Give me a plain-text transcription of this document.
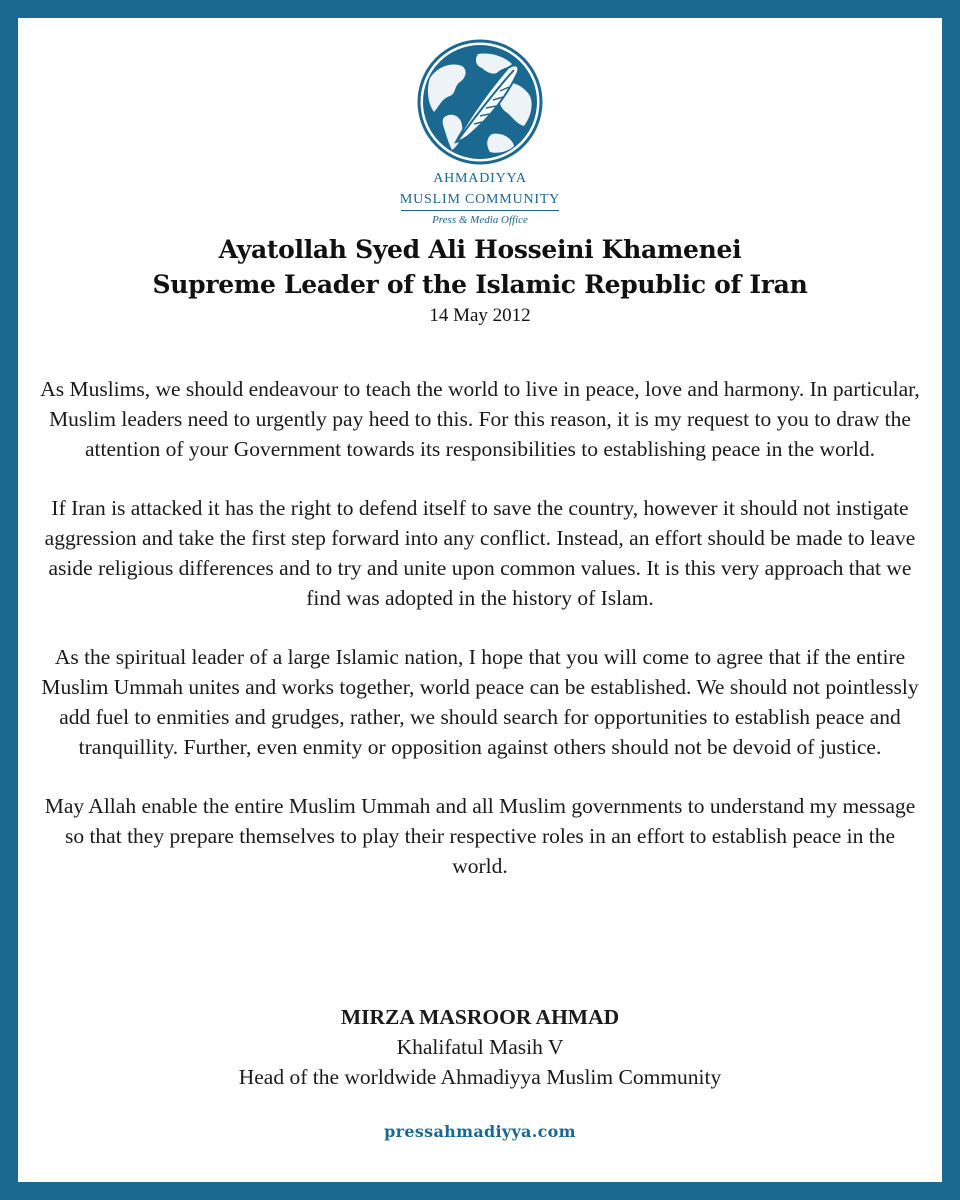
AHMADIYYA
MUSLIM COMMUNITY
Press & Media Office
Ayatollah Syed Ali Hosseini Khamenei
Supreme Leader of the Islamic Republic of Iran
14 May 2012

As Muslims, we should endeavour to teach the world to live in peace, love and harmony. In particular, Muslim leaders need to urgently pay heed to this. For this reason, it is my request to you to draw the attention of your Government towards its responsibilities to establishing peace in the world.

If Iran is attacked it has the right to defend itself to save the country, however it should not instigate aggression and take the first step forward into any conflict. Instead, an effort should be made to leave aside religious differences and to try and unite upon common values. It is this very approach that we find was adopted in the history of Islam.

As the spiritual leader of a large Islamic nation, I hope that you will come to agree that if the entire Muslim Ummah unites and works together, world peace can be established. We should not pointlessly add fuel to enmities and grudges, rather, we should search for opportunities to establish peace and tranquillity. Further, even enmity or opposition against others should not be devoid of justice.

May Allah enable the entire Muslim Ummah and all Muslim governments to understand my message so that they prepare themselves to play their respective roles in an effort to establish peace in the world.

MIRZA MASROOR AHMAD
Khalifatul Masih V
Head of the worldwide Ahmadiyya Muslim Community
pressahmadiyya.com
